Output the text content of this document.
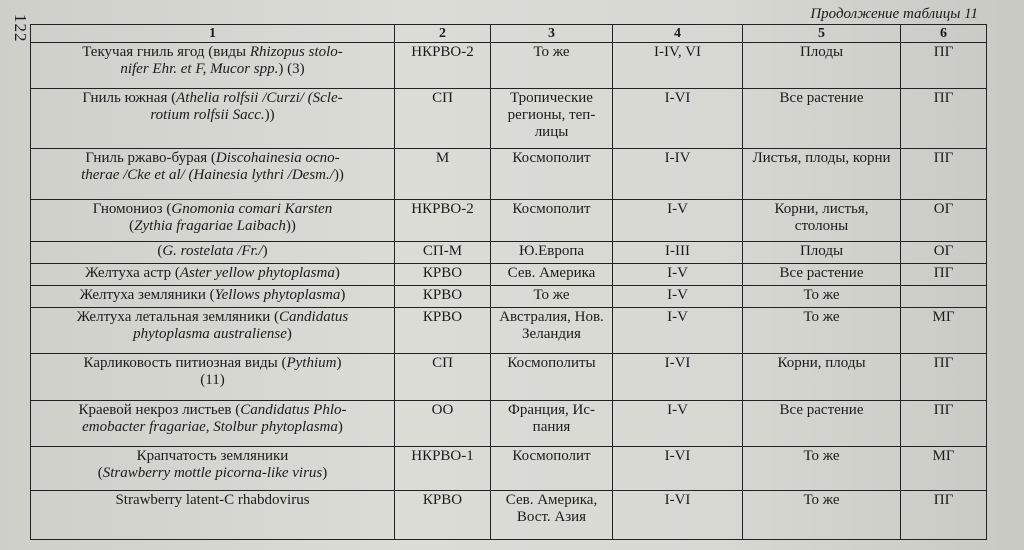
122	Продолжение таблицы 11
1	2	3	4	5	6
Текучая гниль ягод (виды Rhizopus stolo-
nifer Ehr. et F, Mucor spp.) (3)	НКРВО-2	То же	I-IV, VI	Плоды	ПГ
Гниль южная (Athelia rolfsii /Curzi/ (Scle-
rotium rolfsii Sacc.))	СП	Тропические регионы, теп-лицы	I-VI	Все растение	ПГ
Гниль ржаво-бурая (Discohainesia ocno-
therae /Cke et al/ (Hainesia lythri /Desm./))	М	Космополит	I-IV	Листья, плоды, корни	ПГ
Гномониоз (Gnomonia comari Karsten
(Zythia fragariae Laibach))	НКРВО-2	Космополит	I-V	Корни, листья, столоны	ОГ
(G. rostelata /Fr./)	СП-М	Ю.Европа	I-III	Плоды	ОГ
Желтуха астр (Aster yellow phytoplasma)	КРВО	Сев. Америка	I-V	Все растение	ПГ
Желтуха земляники (Yellows phytoplasma)	КРВО	То же	I-V	То же	
Желтуха летальная земляники (Candidatus
phytoplasma australiense)	КРВО	Австралия, Нов. Зеландия	I-V	То же	МГ
Карликовость питиозная виды (Pythium)
(11)	СП	Космополиты	I-VI	Корни, плоды	ПГ
Краевой некроз листьев (Candidatus Phlo-
emobacter fragariae, Stolbur phytoplasma)	ОО	Франция, Ис-пания	I-V	Все растение	ПГ
Крапчатость земляники
(Strawberry mottle picorna-like virus)	НКРВО-1	Космополит	I-VI	То же	МГ
Strawberry latent-C rhabdovirus	КРВО	Сев. Америка, Вост. Азия	I-VI	То же	ПГ
